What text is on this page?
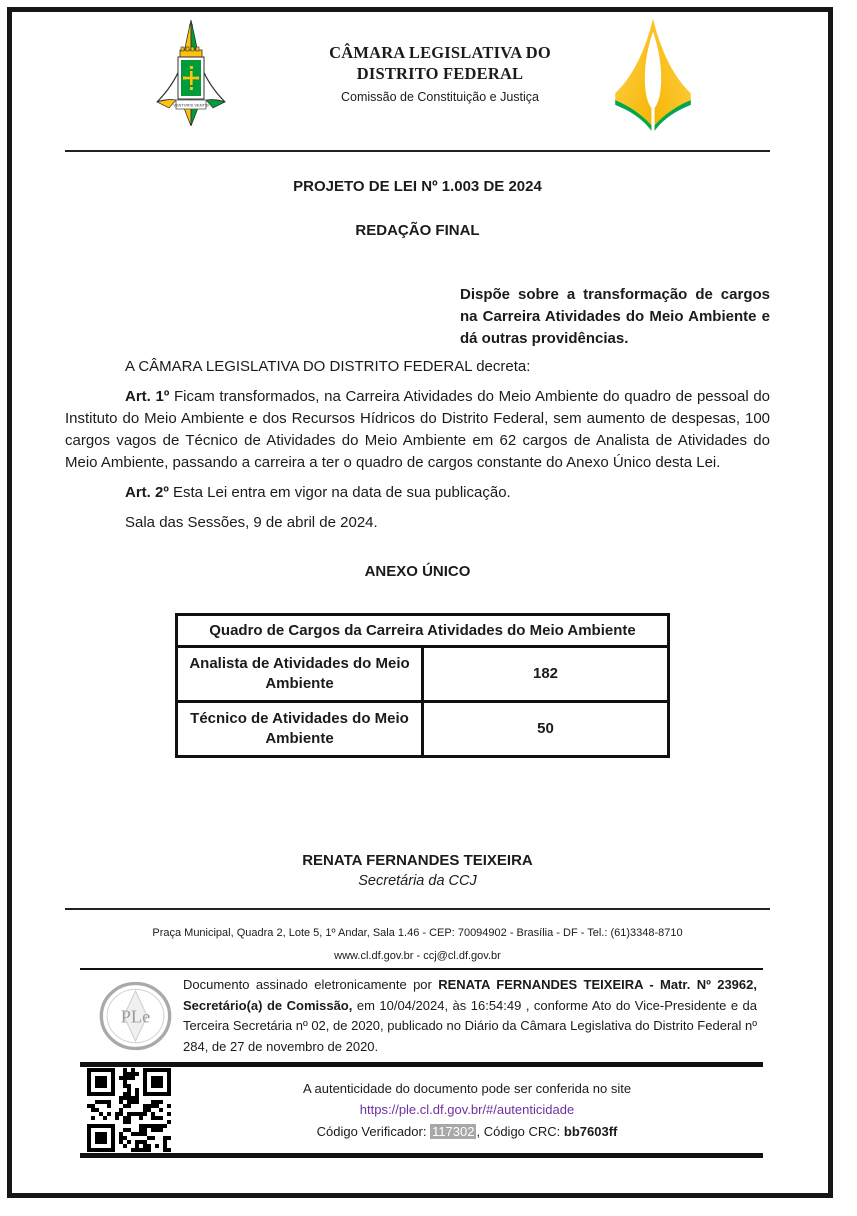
VENTVRIS VENTIS
CÂMARA LEGISLATIVA DO
DISTRITO FEDERAL
Comissão de Constituição e Justiça
PROJETO DE LEI Nº 1.003 DE 2024
REDAÇÃO FINAL
Dispõe sobre a transformação de cargos na Carreira Atividades do Meio Ambiente e dá outras providências.

A CÂMARA LEGISLATIVA DO DISTRITO FEDERAL decreta:

Art. 1º Ficam transformados, na Carreira Atividades do Meio Ambiente do quadro de pessoal do Instituto do Meio Ambiente e dos Recursos Hídricos do Distrito Federal, sem aumento de despesas, 100 cargos vagos de Técnico de Atividades do Meio Ambiente em 62 cargos de Analista de Atividades do Meio Ambiente, passando a carreira a ter o quadro de cargos constante do Anexo Único desta Lei.

Art. 2º Esta Lei entra em vigor na data de sua publicação.

Sala das Sessões, 9 de abril de 2024.

ANEXO ÚNICO
Quadro de Cargos da Carreira Atividades do Meio Ambiente	
Analista de Atividades do Meio Ambiente	182
Técnico de Atividades do Meio Ambiente	50
RENATA FERNANDES TEIXEIRA
Secretária da CCJ
Praça Municipal, Quadra 2, Lote 5, 1º Andar, Sala 1.46 - CEP: 70094902 - Brasília - DF - Tel.: (61)3348-8710
www.cl.df.gov.br - ccj@cl.df.gov.br
PLe

Documento assinado eletronicamente por RENATA FERNANDES TEIXEIRA - Matr. Nº 23962, Secretário(a) de Comissão, em 10/04/2024, às 16:54:49 , conforme Ato do Vice-Presidente e da Terceira Secretária nº 02, de 2020, publicado no Diário da Câmara Legislativa do Distrito Federal nº 284, de 27 de novembro de 2020.

A autenticidade do documento pode ser conferida no site
https://ple.cl.df.gov.br/#/autenticidade
Código Verificador: 117302 , Código CRC: bb7603ff
